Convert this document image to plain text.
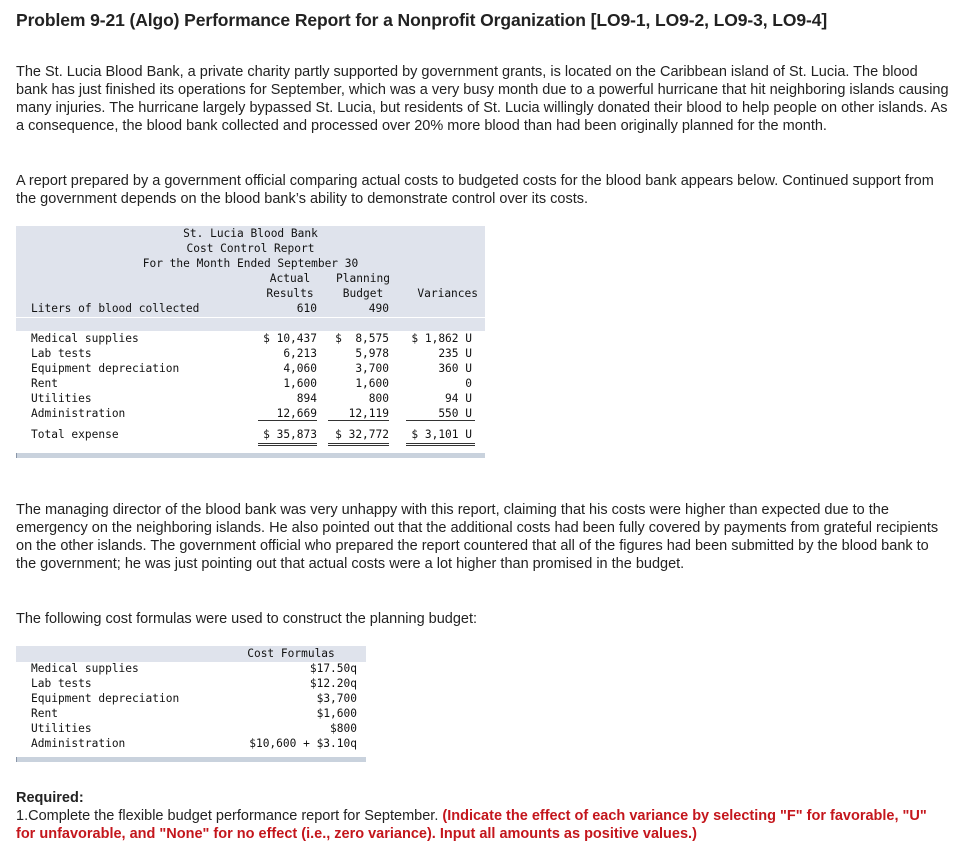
Problem 9-21 (Algo) Performance Report for a Nonprofit Organization [LO9-1, LO9-2, LO9-3, LO9-4]
The St. Lucia Blood Bank, a private charity partly supported by government grants, is located on the Caribbean island of St. Lucia. The blood bank has just finished its operations for September, which was a very busy month due to a powerful hurricane that hit neighboring islands causing many injuries. The hurricane largely bypassed St. Lucia, but residents of St. Lucia willingly donated their blood to help people on other islands. As a consequence, the blood bank collected and processed over 20% more blood than had been originally planned for the month.
A report prepared by a government official comparing actual costs to budgeted costs for the blood bank appears below. Continued support from the government depends on the blood bank’s ability to demonstrate control over its costs.
St. Lucia Blood Bank
Cost Control Report
For the Month Ended September 30
Actual
Results
Planning
Budget	Variances
Liters of blood collected	610	490
Medical supplies	$ 10,437	$  8,575	$ 1,862 U
Lab tests	6,213	5,978	235 U
Equipment depreciation	4,060	3,700	360 U
Rent	1,600	1,600	0
Utilities	894	800	94 U
Administration	12,669	12,119	550 U
Total expense	$ 35,873	$ 32,772	$ 3,101 U
The managing director of the blood bank was very unhappy with this report, claiming that his costs were higher than expected due to the emergency on the neighboring islands. He also pointed out that the additional costs had been fully covered by payments from grateful recipients on the other islands. The government official who prepared the report countered that all of the figures had been submitted by the blood bank to the government; he was just pointing out that actual costs were a lot higher than promised in the budget.
The following cost formulas were used to construct the planning budget:
Cost Formulas
Medical supplies	$17.50q
Lab tests	$12.20q
Equipment depreciation	$3,700
Rent	$1,600
Utilities	$800
Administration	$10,600 + $3.10q
Required:
1.Complete the flexible budget performance report for September. (Indicate the effect of each variance by selecting "F" for favorable, "U" for unfavorable, and "None" for no effect (i.e., zero variance). Input all amounts as positive values.)
